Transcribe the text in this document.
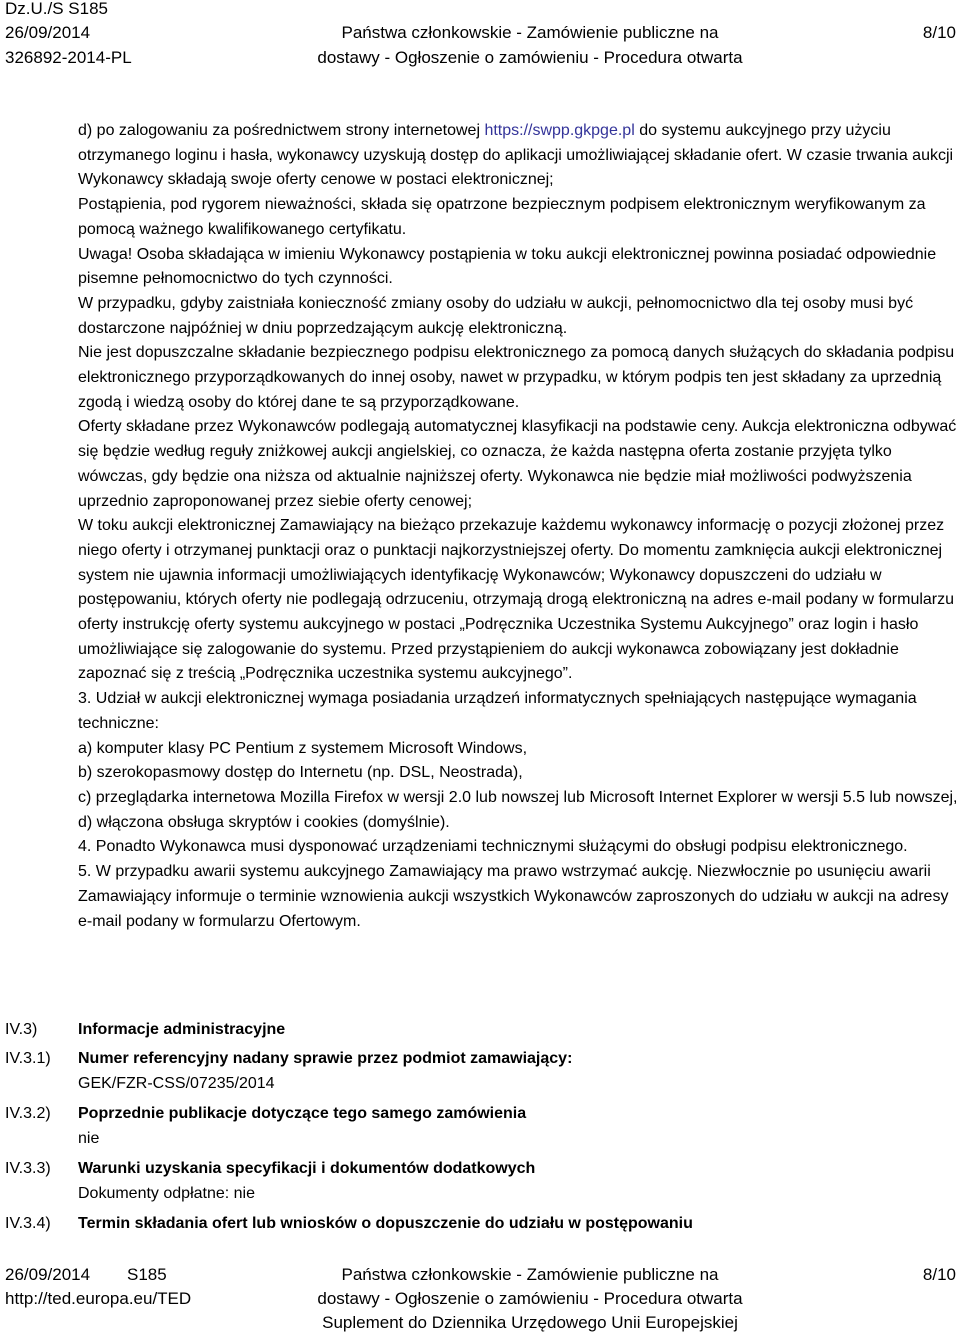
Dz.U./S S185
26/09/2014
326892-2014-PL
Państwa członkowskie - Zamówienie publiczne na
dostawy - Ogłoszenie o zamówieniu - Procedura otwarta
8/10

d) po zalogowaniu za pośrednictwem strony internetowej https://swpp.gkpge.pl do systemu aukcyjnego przy użyciu otrzymanego loginu i hasła, wykonawcy uzyskują dostęp do aplikacji umożliwiającej składanie ofert. W czasie trwania aukcji Wykonawcy składają swoje oferty cenowe w postaci elektronicznej;

Postąpienia, pod rygorem nieważności, składa się opatrzone bezpiecznym podpisem elektronicznym weryfikowanym za pomocą ważnego kwalifikowanego certyfikatu.

Uwaga! Osoba składająca w imieniu Wykonawcy postąpienia w toku aukcji elektronicznej powinna posiadać odpowiednie pisemne pełnomocnictwo do tych czynności.

W przypadku, gdyby zaistniała konieczność zmiany osoby do udziału w aukcji, pełnomocnictwo dla tej osoby musi być dostarczone najpóźniej w dniu poprzedzającym aukcję elektroniczną.

Nie jest dopuszczalne składanie bezpiecznego podpisu elektronicznego za pomocą danych służących do składania podpisu elektronicznego przyporządkowanych do innej osoby, nawet w przypadku, w którym podpis ten jest składany za uprzednią zgodą i wiedzą osoby do której dane te są przyporządkowane.

Oferty składane przez Wykonawców podlegają automatycznej klasyfikacji na podstawie ceny. Aukcja elektroniczna odbywać się będzie według reguły zniżkowej aukcji angielskiej, co oznacza, że każda następna oferta zostanie przyjęta tylko wówczas, gdy będzie ona niższa od aktualnie najniższej oferty. Wykonawca nie będzie miał możliwości podwyższenia uprzednio zaproponowanej przez siebie oferty cenowej;

W toku aukcji elektronicznej Zamawiający na bieżąco przekazuje każdemu wykonawcy informację o pozycji złożonej przez niego oferty i otrzymanej punktacji oraz o punktacji najkorzystniejszej oferty. Do momentu zamknięcia aukcji elektronicznej system nie ujawnia informacji umożliwiających identyfikację Wykonawców; Wykonawcy dopuszczeni do udziału w postępowaniu, których oferty nie podlegają odrzuceniu, otrzymają drogą elektroniczną na adres e-mail podany w formularzu oferty instrukcję oferty systemu aukcyjnego w postaci „Podręcznika Uczestnika Systemu Aukcyjnego” oraz login i hasło umożliwiające się zalogowanie do systemu. Przed przystąpieniem do aukcji wykonawca zobowiązany jest dokładnie zapoznać się z treścią „Podręcznika uczestnika systemu aukcyjnego”.

3. Udział w aukcji elektronicznej wymaga posiadania urządzeń informatycznych spełniających następujące wymagania techniczne:

a) komputer klasy PC Pentium z systemem Microsoft Windows,

b) szerokopasmowy dostęp do Internetu (np. DSL, Neostrada),

c) przeglądarka internetowa Mozilla Firefox w wersji 2.0 lub nowszej lub Microsoft Internet Explorer w wersji 5.5 lub nowszej,

d) włączona obsługa skryptów i cookies (domyślnie).

4. Ponadto Wykonawca musi dysponować urządzeniami technicznymi służącymi do obsługi podpisu elektronicznego.

5. W przypadku awarii systemu aukcyjnego Zamawiający ma prawo wstrzymać aukcję. Niezwłocznie po usunięciu awarii Zamawiający informuje o terminie wznowienia aukcji wszystkich Wykonawców zaproszonych do udziału w aukcji na adresy e-mail podany w formularzu Ofertowym.

IV.3)	Informacje administracyjne
IV.3.1) Numer referencyjny nadany sprawie przez podmiot zamawiający:
GEK/FZR-CSS/07235/2014
IV.3.2) Poprzednie publikacje dotyczące tego samego zamówienia
nie
IV.3.3) Warunki uzyskania specyfikacji i dokumentów dodatkowych
Dokumenty odpłatne: nie
IV.3.4) Termin składania ofert lub wniosków o dopuszczenie do udziału w postępowaniu
26/09/2014 S185
http://ted.europa.eu/TED
Państwa członkowskie - Zamówienie publiczne na
dostawy - Ogłoszenie o zamówieniu - Procedura otwarta
Suplement do Dziennika Urzędowego Unii Europejskiej
8/10
